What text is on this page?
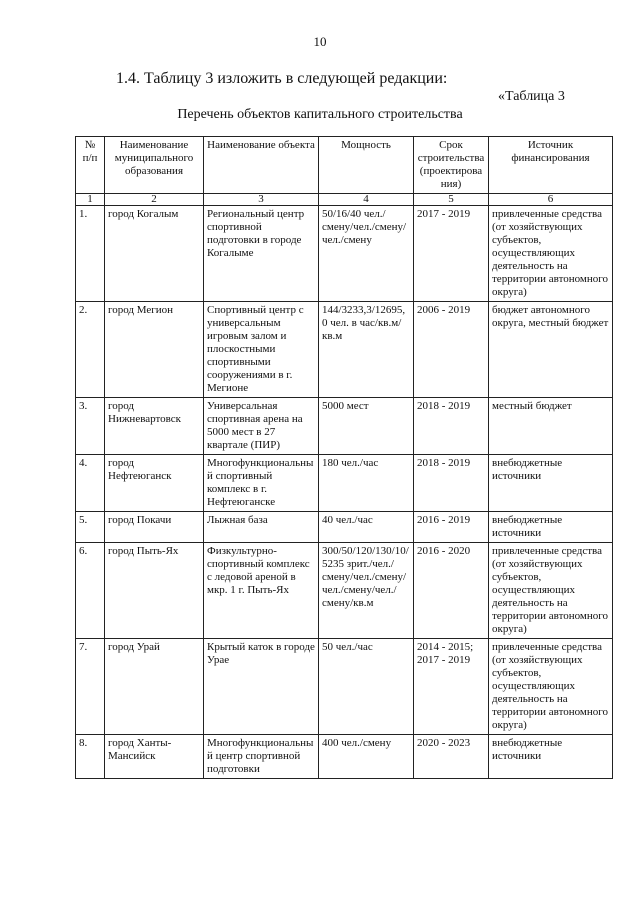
10
1.4. Таблицу 3 изложить в следующей редакции:
«Таблица 3
Перечень объектов капитального строительства
№ п/п	Наименование муниципального образования	Наименование объекта	Мощность	Срок строительства (проектирования)	Источник финансирования
1	2	3	4	5	6
1.	город Когалым	Региональный центр спортивной подготовки в городе Когалыме	50/16/40 чел./смену/чел./смену/чел./смену	2017 - 2019	привлеченные средства (от хозяйствующих субъектов, осуществляющих деятельность на территории автономного округа)
2.	город Мегион	Спортивный центр с универсальным игровым залом и плоскостными спортивными сооружениями в г. Мегионе	144/3233,3/12695,0 чел. в час/кв.м/кв.м	2006 - 2019	бюджет автономного округа, местный бюджет
3.	город Нижневартовск	Универсальная спортивная арена на 5000 мест в 27 квартале (ПИР)	5000 мест	2018 - 2019	местный бюджет
4.	город Нефтеюганск	Многофункциональный спортивный комплекс в г. Нефтеюганске	180 чел./час	2018 - 2019	внебюджетные источники
5.	город Покачи	Лыжная база	40 чел./час	2016 - 2019	внебюджетные источники
6.	город Пыть-Ях	Физкультурно-спортивный комплекс с ледовой ареной в мкр. 1 г. Пыть-Ях	300/50/120/130/10/5235 зрит./чел./смену/чел./смену/чел./смену/чел./смену/кв.м	2016 - 2020	привлеченные средства (от хозяйствующих субъектов, осуществляющих деятельность на территории автономного округа)
7.	город Урай	Крытый каток в городе Урае	50 чел./час	2014 - 2015; 2017 - 2019	привлеченные средства (от хозяйствующих субъектов, осуществляющих деятельность на территории автономного округа)
8.	город Ханты-Мансийск	Многофункциональный центр спортивной подготовки	400 чел./смену	2020 - 2023	внебюджетные источники
